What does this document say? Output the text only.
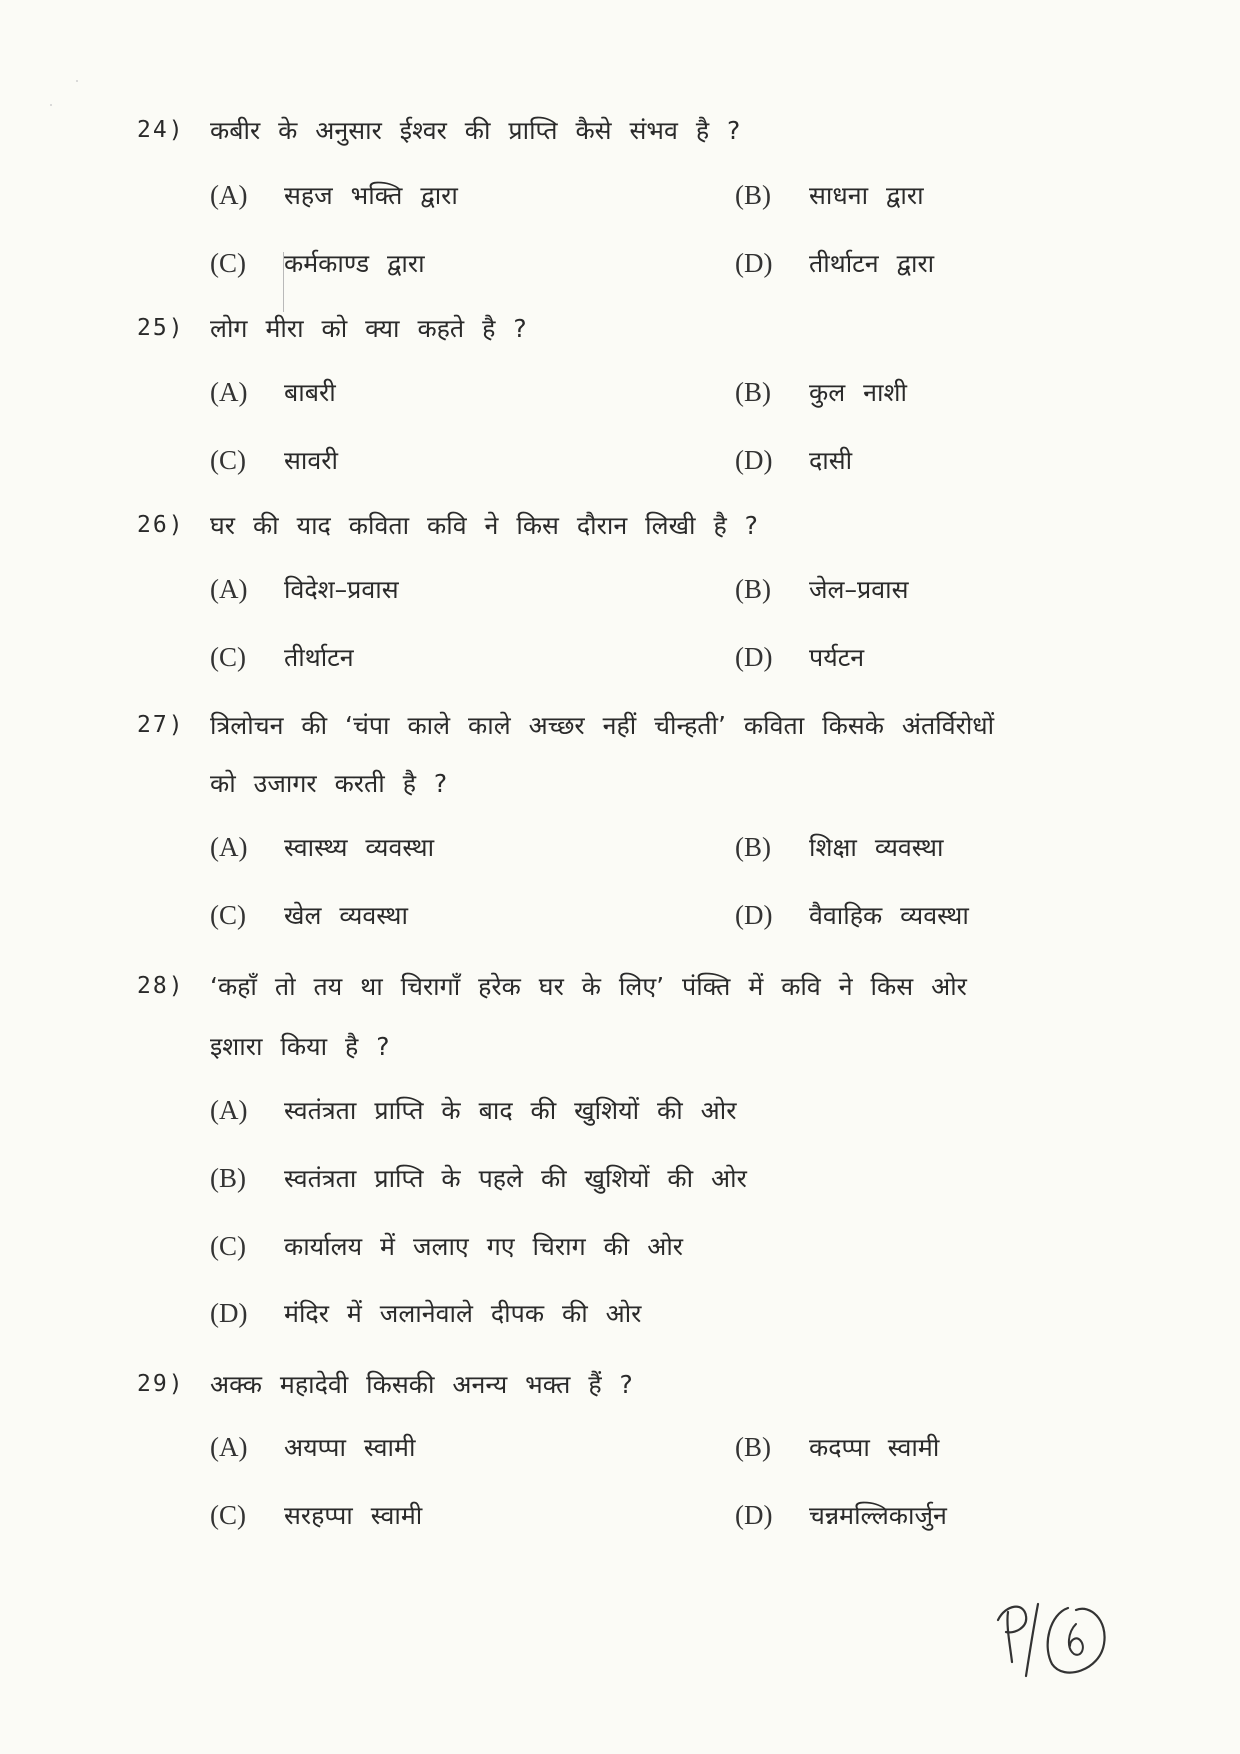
24) कबीर के अनुसार ईश्वर की प्राप्ति कैसे संभव है ?
(A) सहज भक्ति द्वारा	(B) साधना द्वारा
(C) कर्मकाण्ड द्वारा	(D) तीर्थाटन द्वारा
25) लोग मीरा को क्या कहते है ?
(A) बाबरी	(B) कुल नाशी
(C) सावरी	(D) दासी
26) घर की याद कविता कवि ने किस दौरान लिखी है ?
(A) विदेश–प्रवास	(B) जेल–प्रवास
(C) तीर्थाटन	(D) पर्यटन
27) त्रिलोचन की ‘चंपा काले काले अच्छर नहीं चीन्हती’ कविता किसके अंतर्विरोधों
को उजागर करती है ?
(A) स्वास्थ्य व्यवस्था	(B) शिक्षा व्यवस्था
(C) खेल व्यवस्था	(D) वैवाहिक व्यवस्था
28) ‘कहाँ तो तय था चिरागाँ हरेक घर के लिए’ पंक्ति में कवि ने किस ओर
इशारा किया है ?
(A) स्वतंत्रता प्राप्ति के बाद की खुशियों की ओर
(B) स्वतंत्रता प्राप्ति के पहले की खुशियों की ओर
(C) कार्यालय में जलाए गए चिराग की ओर
(D) मंदिर में जलानेवाले दीपक की ओर
29) अक्क महादेवी किसकी अनन्य भक्त हैं ?
(A) अयप्पा स्वामी	(B) कदप्पा स्वामी
(C) सरहप्पा स्वामी	(D) चन्नमल्लिकार्जुन
